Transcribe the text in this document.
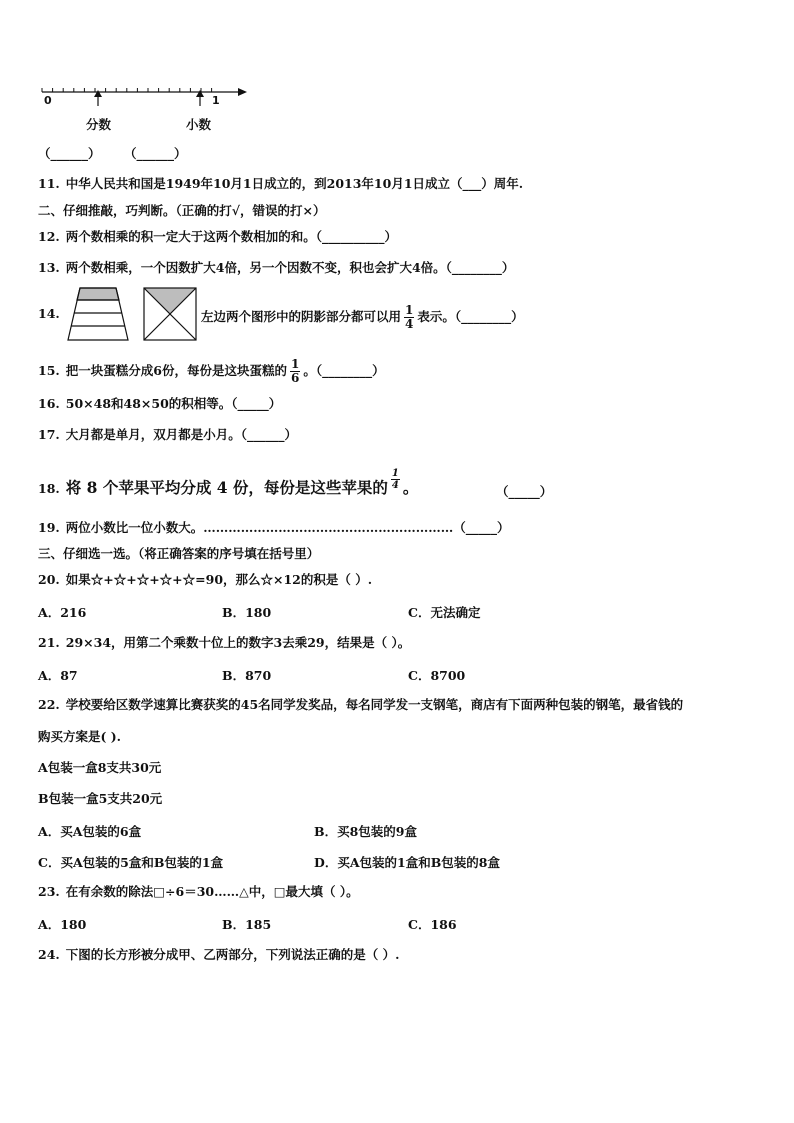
0	1
分数	小数
（______） （______）
11. 中华人民共和国是1949年10月1日成立的，到2013年10月1日成立（___）周年.
二、仔细推敲，巧判断。（正确的打√，错误的打×）
12. 两个数相乘的积一定大于这两个数相加的和。（__________）
13. 两个数相乘，一个因数扩大4倍，另一个因数不变，积也会扩大4倍。（________）
14.	左边两个图形中的阴影部分都可以用 $\frac{1}{4}$ 表示。（________）
15. 把一块蛋糕分成6份，每份是这块蛋糕的 $\frac{1}{6}$ 。（________）
16. 50×48和48×50的积相等。（_____）
17. 大月都是单月，双月都是小月。（______）
18. 将 8 个苹果平均分成 4 份，每份是这些苹果的 $\frac{1}{4}$ 。	（_____）
19. 两位小数比一位小数大。……………………………………………………（_____）
三、仔细选一选。（将正确答案的序号填在括号里）
20. 如果☆+☆+☆+☆+☆=90，那么☆×12的积是（ ）.
A．216	B．180	C．无法确定
21. 29×34，用第二个乘数十位上的数字3去乘29，结果是（ ）。
A．87	B．870	C．8700
22. 学校要给区数学速算比赛获奖的45名同学发奖品，每名同学发一支钢笔，商店有下面两种包装的钢笔，最省钱的
购买方案是( ).
A包装一盒8支共30元
B包装一盒5支共20元
A．买A包装的6盒	B．买8包装的9盒
C．买A包装的5盒和B包装的1盒	D．买A包装的1盒和B包装的8盒
23. 在有余数的除法□÷6＝30……△中，□最大填（ ）。
A．180	B．185	C．186
24. 下图的长方形被分成甲、乙两部分，下列说法正确的是（ ）.
